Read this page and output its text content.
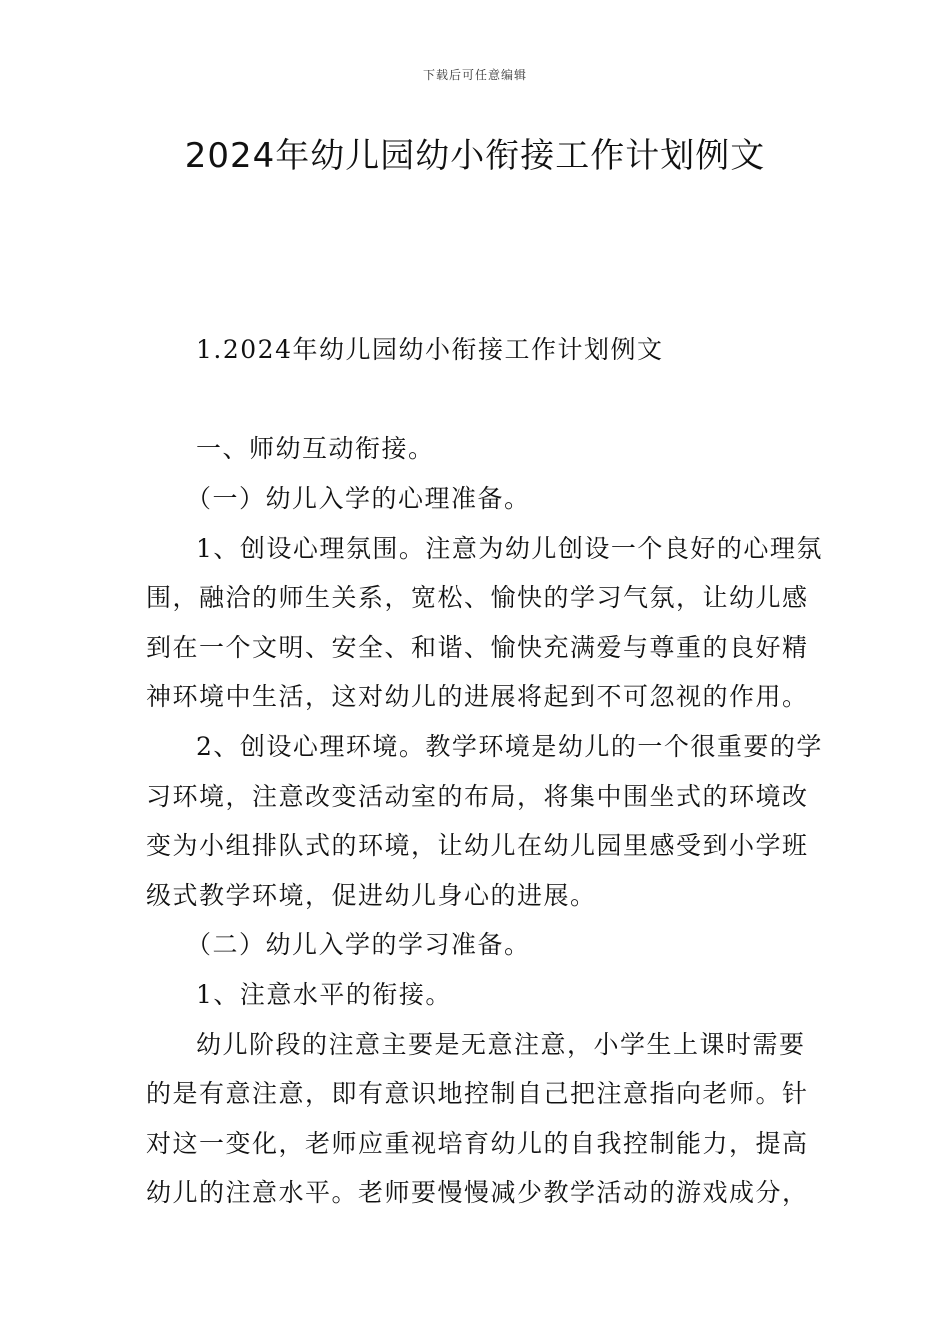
下载后可任意编辑
2024年幼儿园幼小衔接工作计划例文
1.2024年幼儿园幼小衔接工作计划例文
一、师幼互动衔接。
（一）幼儿入学的心理准备。
1、创设心理氛围。注意为幼儿创设一个良好的心理氛
围，融洽的师生关系，宽松、愉快的学习气氛，让幼儿感
到在一个文明、安全、和谐、愉快充满爱与尊重的良好精
神环境中生活，这对幼儿的进展将起到不可忽视的作用。
2、创设心理环境。教学环境是幼儿的一个很重要的学
习环境，注意改变活动室的布局，将集中围坐式的环境改
变为小组排队式的环境，让幼儿在幼儿园里感受到小学班
级式教学环境，促进幼儿身心的进展。
（二）幼儿入学的学习准备。
1、注意水平的衔接。
幼儿阶段的注意主要是无意注意，小学生上课时需要
的是有意注意，即有意识地控制自己把注意指向老师。针
对这一变化，老师应重视培育幼儿的自我控制能力，提高
幼儿的注意水平。老师要慢慢减少教学活动的游戏成分，
